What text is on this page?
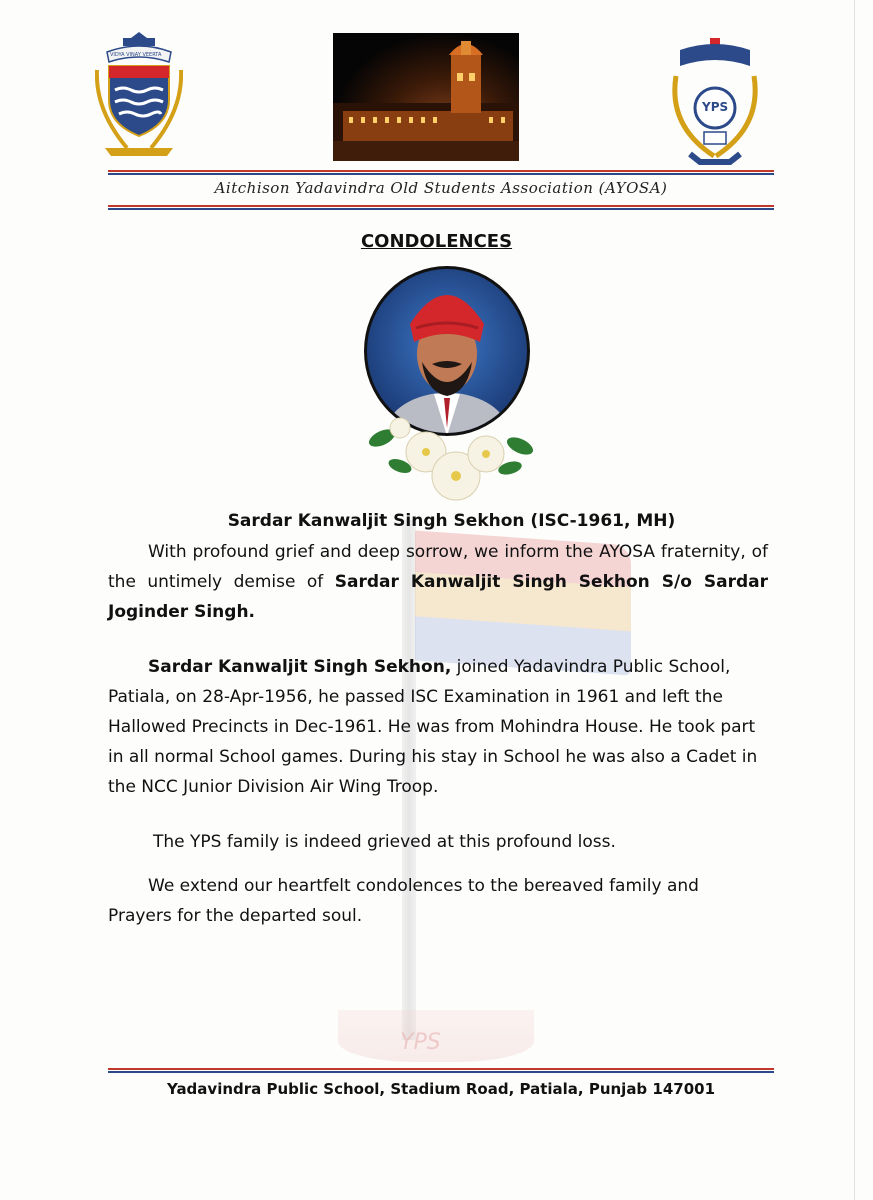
VIDYA VINAY VEERTA
YPS
Aitchison Yadavindra Old Students Association (AYOSA)
CONDOLENCES
Sardar Kanwaljit Singh Sekhon (ISC-1961, MH)
With profound grief and deep sorrow, we inform the AYOSA fraternity, of the untimely demise of Sardar Kanwaljit Singh Sekhon S/o Sardar Joginder Singh.
Sardar Kanwaljit Singh Sekhon, joined Yadavindra Public School, Patiala, on 28-Apr-1956, he passed ISC Examination in 1961 and left the Hallowed Precincts in Dec-1961. He was from Mohindra House. He took part in all normal School games. During his stay in School he was also a Cadet in the NCC Junior Division Air Wing Troop.
The YPS family is indeed grieved at this profound loss.
We extend our heartfelt condolences to the bereaved family and Prayers for the departed soul.
YPS
Yadavindra Public School, Stadium Road, Patiala, Punjab 147001
